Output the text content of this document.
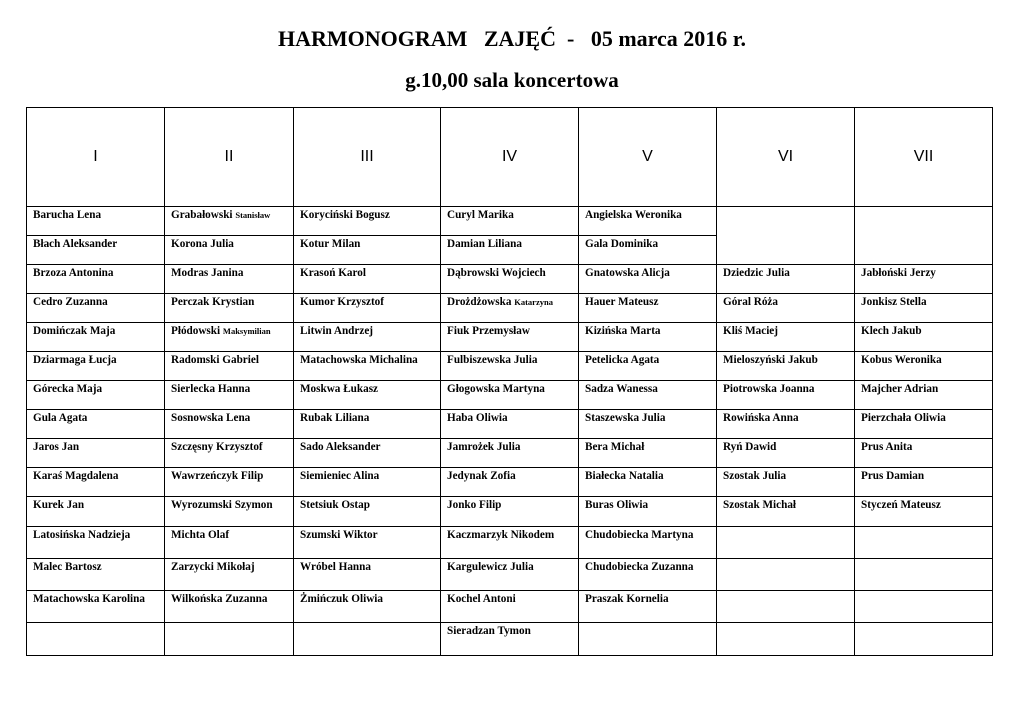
HARMONOGRAM   ZAJĘĆ  -   05 marca 2016 r.
g.10,00 sala koncertowa
I	II	III	IV	V	VI	VII

Barucha Lena	Grabałowski Stanisław	Koryciński Bogusz	Curyl Marika	Angielska Weronika		

Błach Aleksander	Korona Julia	Kotur Milan	Damian Liliana	Gala Dominika		

Brzoza Antonina	Modras Janina	Krasoń Karol	Dąbrowski Wojciech	Gnatowska Alicja	Dziedzic Julia	Jabłoński Jerzy

Cedro Zuzanna	Perczak Krystian	Kumor Krzysztof	Drożdżowska Katarzyna	Hauer Mateusz	Góral Róża	Jonkisz Stella

Domińczak Maja	Płódowski Maksymilian	Litwin Andrzej	Fiuk Przemysław	Kizińska Marta	Kliś Maciej	Klech Jakub

Dziarmaga Łucja	Radomski Gabriel	Matachowska Michalina	Fulbiszewska Julia	Petelicka Agata	Mieloszyński Jakub	Kobus Weronika

Górecka Maja	Sierlecka Hanna	Moskwa Łukasz	Głogowska Martyna	Sadza Wanessa	Piotrowska Joanna	Majcher Adrian

Gula Agata	Sosnowska Lena	Rubak Liliana	Haba Oliwia	Staszewska Julia	Rowińska Anna	Pierzchała Oliwia

Jaros Jan	Szczęsny Krzysztof	Sado Aleksander	Jamrożek Julia	Bera Michał	Ryń Dawid	Prus Anita

Karaś Magdalena	Wawrzeńczyk Filip	Siemieniec Alina	Jedynak Zofia	Białecka Natalia	Szostak Julia	Prus Damian

Kurek Jan	Wyrozumski Szymon	Stetsiuk Ostap	Jonko Filip	Buras Oliwia	Szostak Michał	Styczeń Mateusz

Latosińska Nadzieja	Michta Olaf	Szumski Wiktor	Kaczmarzyk Nikodem	Chudobiecka Martyna		

Malec Bartosz	Zarzycki Mikołaj	Wróbel Hanna	Kargulewicz Julia	Chudobiecka Zuzanna		

Matachowska Karolina	Wilkońska Zuzanna	Żmińczuk Oliwia	Kochel Antoni	Praszak Kornelia		

			Sieradzan Tymon			
